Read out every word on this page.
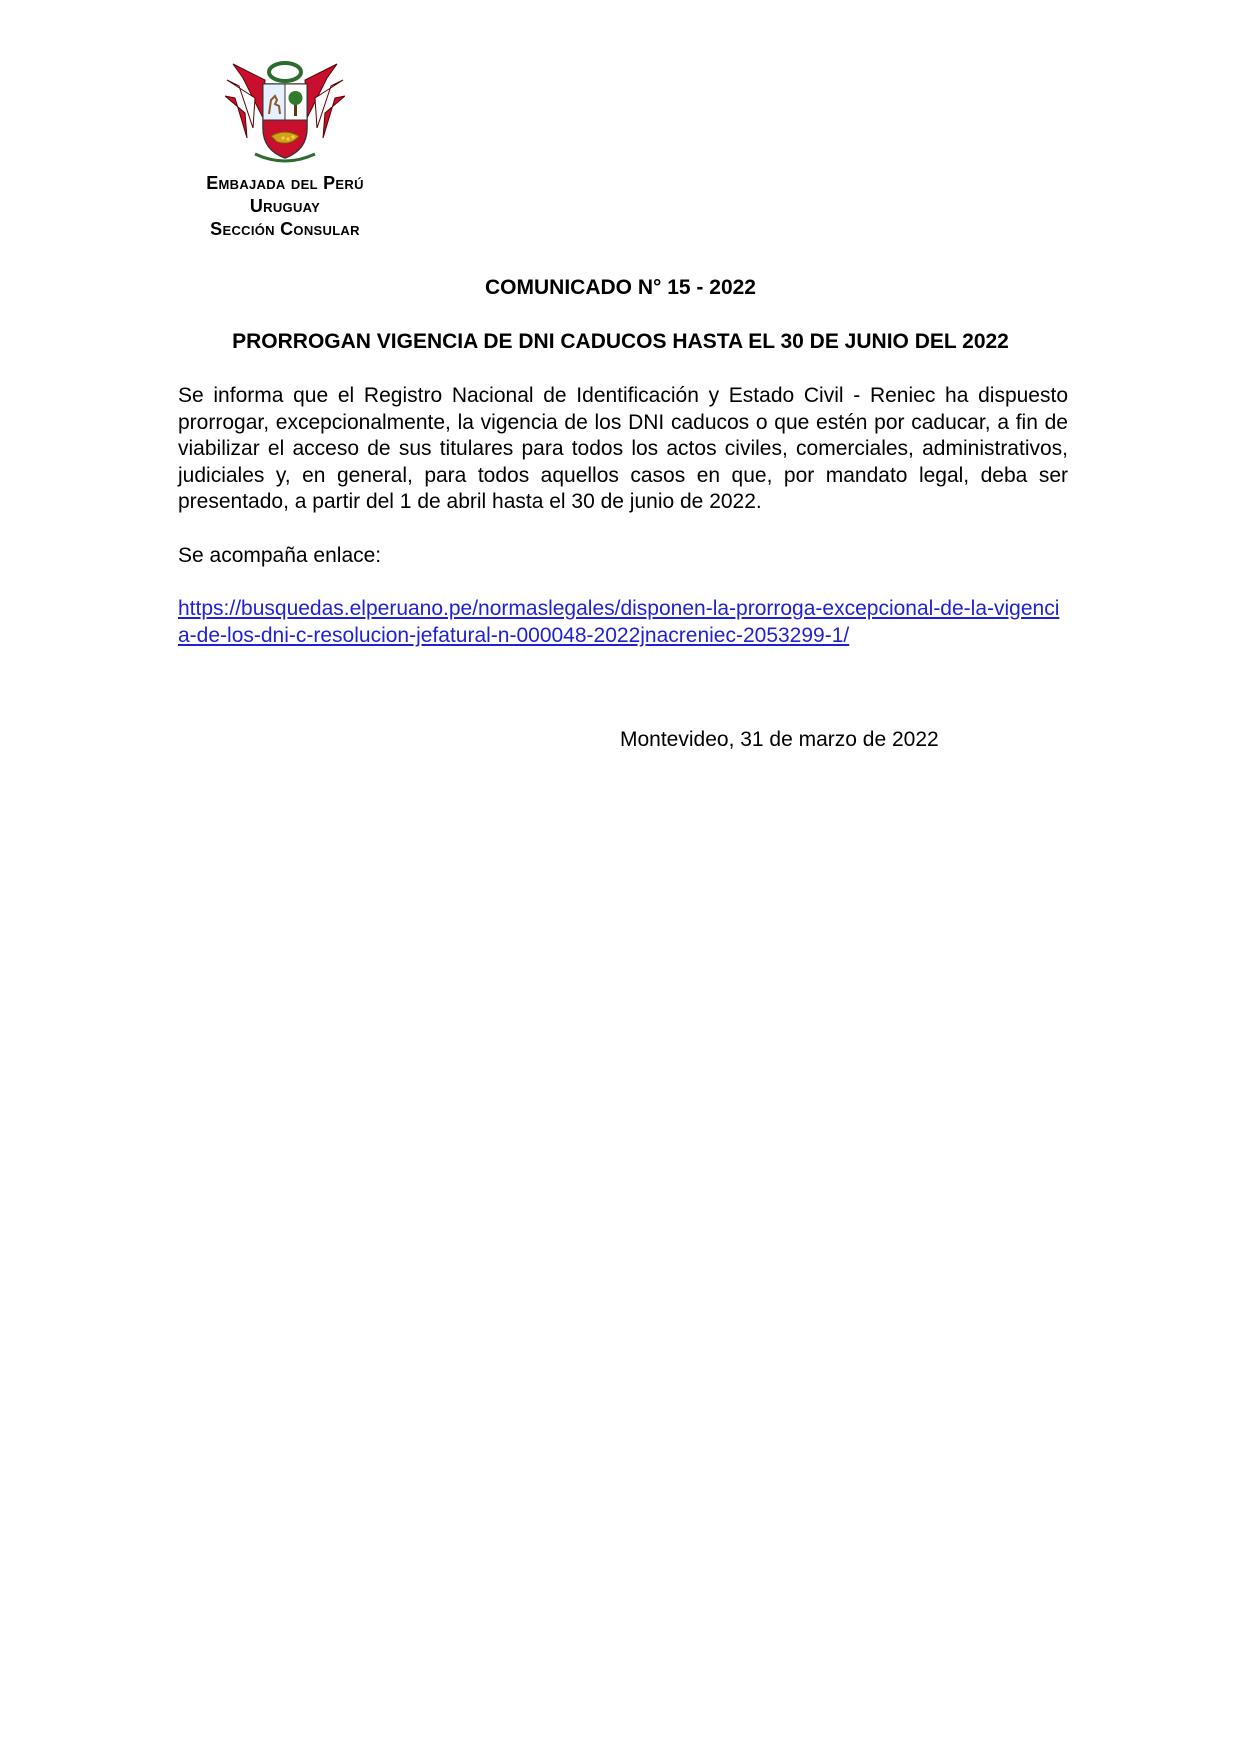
Embajada del Perú
Uruguay
Sección Consular
COMUNICADO N° 15 - 2022
PRORROGAN VIGENCIA DE DNI CADUCOS HASTA EL 30 DE JUNIO DEL 2022

Se informa que el Registro Nacional de Identificación y Estado Civil - Reniec ha dispuesto prorrogar, excepcionalmente, la vigencia de los DNI caducos o que estén por caducar, a fin de viabilizar el acceso de sus titulares para todos los actos civiles, comerciales, administrativos, judiciales y, en general, para todos aquellos casos en que, por mandato legal, deba ser presentado, a partir del 1 de abril hasta el 30 de junio de 2022.

Se acompaña enlace:

https://busquedas.elperuano.pe/normaslegales/disponen-la-prorroga-excepcional-de-la-vigencia-de-los-dni-c-resolucion-jefatural-n-000048-2022jnacreniec-2053299-1/

Montevideo, 31 de marzo de 2022
